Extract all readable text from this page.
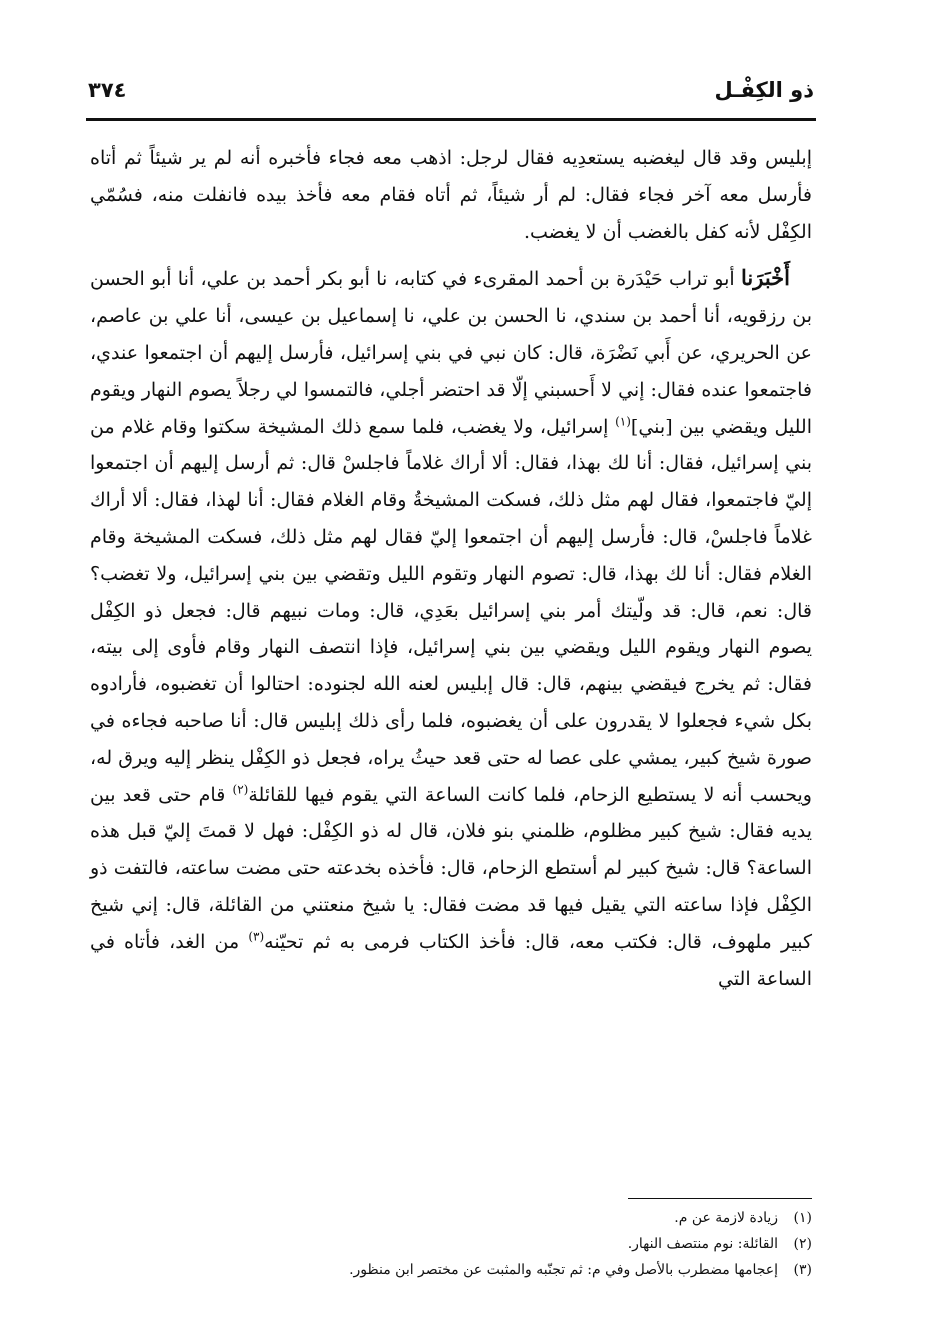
ذو الكِفْـل
٣٧٤

إبليس وقد قال ليغضبه يستعدِيه فقال لرجل: اذهب معه فجاء فأخبره أنه لم ير شيئاً ثم أتاه فأرسل معه آخر فجاء فقال: لم أر شيئاً، ثم أتاه فقام معه فأخذ بيده فانفلت منه، فسُمّي الكِفْل لأنه كفل بالغضب أن لا يغضب.

أَخْبَرَنا أبو تراب حَيْدَرة بن أحمد المقرىء في كتابه، نا أبو بكر أحمد بن علي، أنا أبو الحسن بن رزقويه، أنا أحمد بن سندي، نا الحسن بن علي، نا إسماعيل بن عيسى، أنا علي بن عاصم، عن الحريري، عن أَبي نَضْرَة، قال: كان نبي في بني إسرائيل، فأرسل إليهم أن اجتمعوا عندي، فاجتمعوا عنده فقال: إني لا أَحسبني إلّا قد احتضر أجلي، فالتمسوا لي رجلاً يصوم النهار ويقوم الليل ويقضي بين [بني]$^{(١)}$ إسرائيل، ولا يغضب، فلما سمع ذلك المشيخة سكتوا وقام غلام من بني إسرائيل، فقال: أنا لك بهذا، فقال: ألا أراك غلاماً فاجلسْ قال: ثم أرسل إليهم أن اجتمعوا إليّ فاجتمعوا، فقال لهم مثل ذلك، فسكت المشيخةُ وقام الغلام فقال: أنا لهذا، فقال: ألا أراك غلاماً فاجلسْ، قال: فأرسل إليهم أن اجتمعوا إليّ فقال لهم مثل ذلك، فسكت المشيخة وقام الغلام فقال: أنا لك بهذا، قال: تصوم النهار وتقوم الليل وتقضي بين بني إسرائيل، ولا تغضب؟ قال: نعم، قال: قد ولّيتك أمر بني إسرائيل بعَدِي، قال: ومات نبيهم قال: فجعل ذو الكِفْل يصوم النهار ويقوم الليل ويقضي بين بني إسرائيل، فإذا انتصف النهار وقام فأوى إلى بيته، فقال: ثم يخرج فيقضي بينهم، قال: قال إبليس لعنه الله لجنوده: احتالوا أن تغضبوه، فأرادوه بكل شيء فجعلوا لا يقدرون على أن يغضبوه، فلما رأى ذلك إبليس قال: أنا صاحبه فجاءه في صورة شيخ كبير، يمشي على عصا له حتى قعد حيثُ يراه، فجعل ذو الكِفْل ينظر إليه ويرق له، ويحسب أنه لا يستطيع الزحام، فلما كانت الساعة التي يقوم فيها للقائلة$^{(٢)}$ قام حتى قعد بين يديه فقال: شيخ كبير مظلوم، ظلمني بنو فلان، قال له ذو الكِفْل: فهل لا قمتَ إليّ قبل هذه الساعة؟ قال: شيخ كبير لم أستطع الزحام، قال: فأخذه بخدعته حتى مضت ساعته، فالتفت ذو الكِفْل فإذا ساعته التي يقيل فيها قد مضت فقال: يا شيخ منعتني من القائلة، قال: إني شيخ كبير ملهوف، قال: فكتب معه، قال: فأخذ الكتاب فرمى به ثم تحيّنه$^{(٣)}$ من الغد، فأتاه في الساعة التي

(١)زيادة لازمة عن م.
(٢)القائلة: نوم منتصف النهار.
(٣)إعجامها مضطرب بالأصل وفي م: ثم تجنّبه والمثبت عن مختصر ابن منظور.
